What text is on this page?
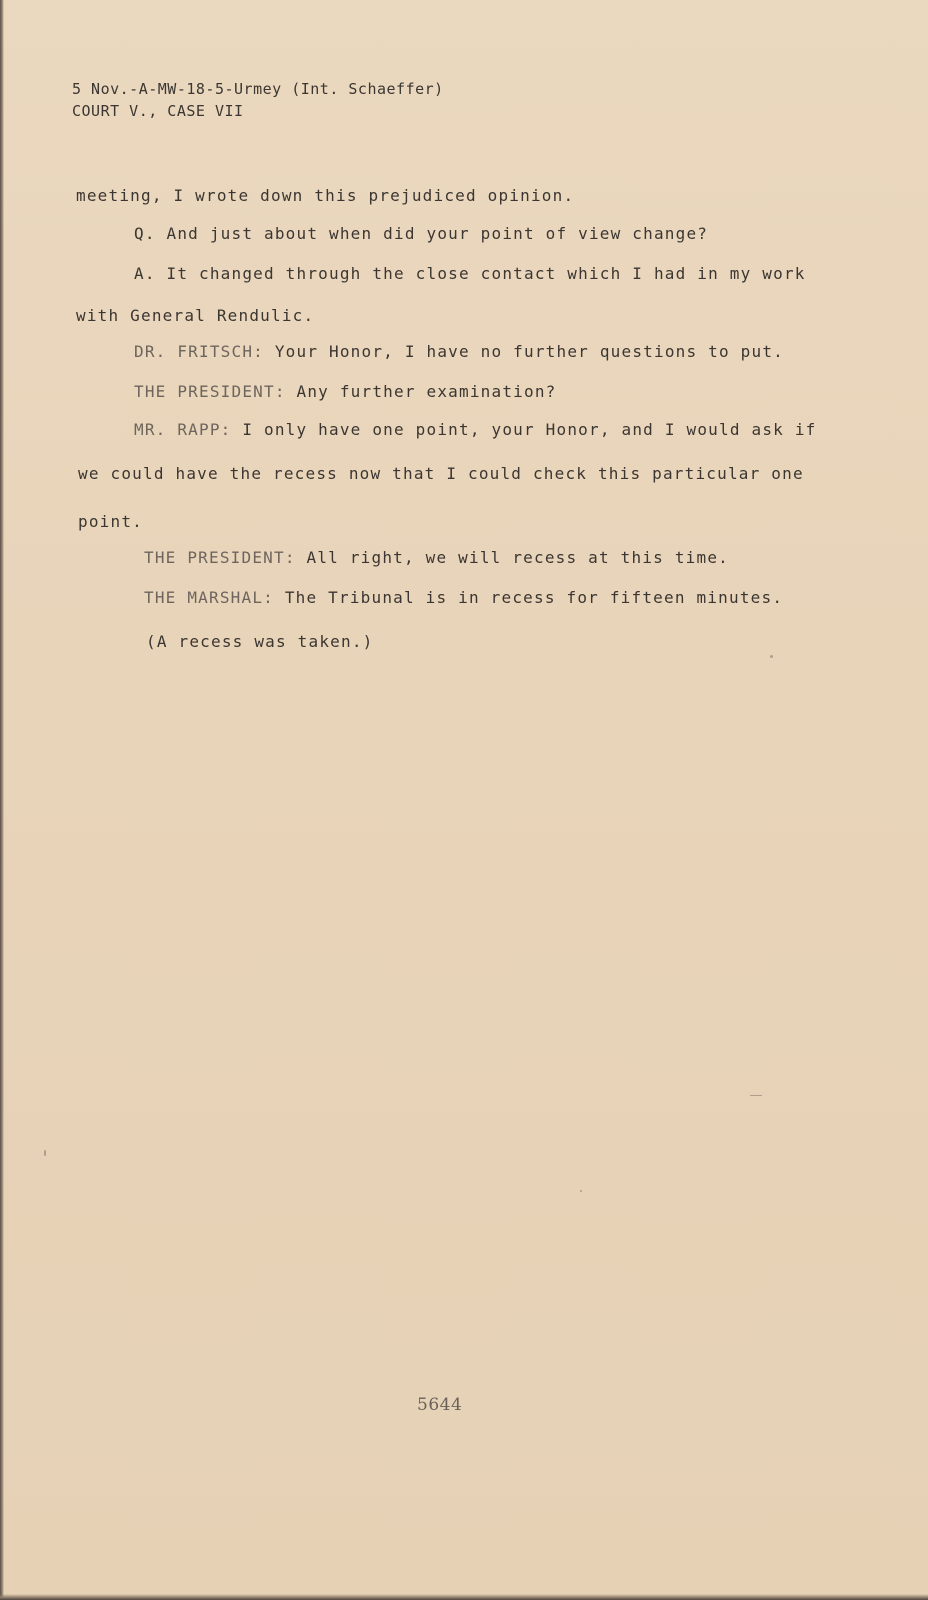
5 Nov.-A-MW-18-5-Urmey (Int. Schaeffer)
COURT V., CASE VII
meeting, I wrote down this prejudiced opinion.
Q. And just about when did your point of view change?
A. It changed through the close contact which I had in my work
with General Rendulic.
DR. FRITSCH: Your Honor, I have no further questions to put.
THE PRESIDENT: Any further examination?
MR. RAPP: I only have one point, your Honor, and I would ask if
we could have the recess now that I could check this particular one
point.
THE PRESIDENT: All right, we will recess at this time.
THE MARSHAL: The Tribunal is in recess for fifteen minutes.
(A recess was taken.)
5644
